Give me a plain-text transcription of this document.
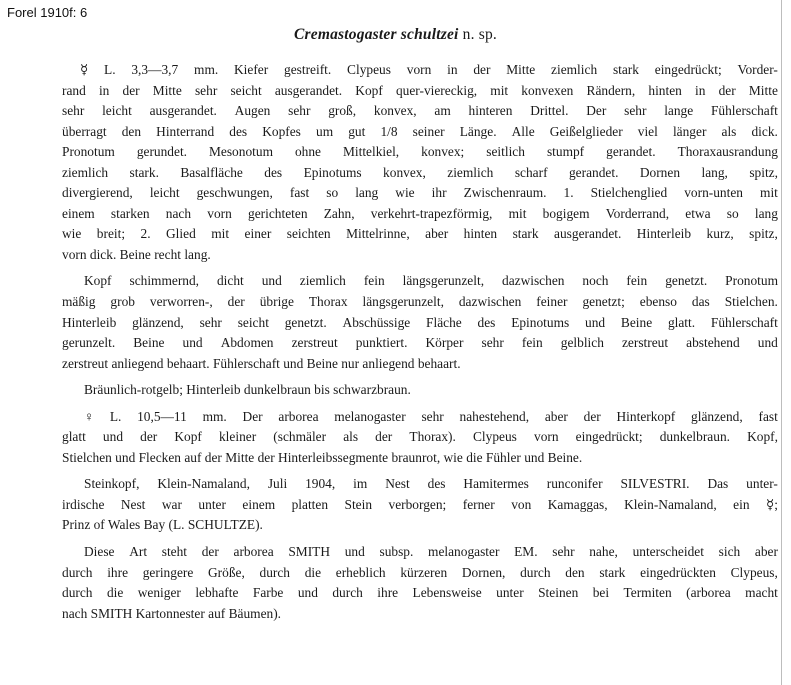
Forel 1910f: 6
Cremastogaster schultzei n. sp.
☿ L. 3,3—3,7 mm. Kiefer gestreift. Clypeus vorn in der Mitte ziemlich stark eingedrückt; Vorder-
rand in der Mitte sehr seicht ausgerandet. Kopf quer-viereckig, mit konvexen Rändern, hinten in der Mitte
sehr leicht ausgerandet. Augen sehr groß, konvex, am hinteren Drittel. Der sehr lange Fühlerschaft
überragt den Hinterrand des Kopfes um gut 1/8 seiner Länge. Alle Geißelglieder viel länger als dick.
Pronotum gerundet. Mesonotum ohne Mittelkiel, konvex; seitlich stumpf gerandet. Thoraxausrandung
ziemlich stark. Basalfläche des Epinotums konvex, ziemlich scharf gerandet. Dornen lang, spitz,
divergierend, leicht geschwungen, fast so lang wie ihr Zwischenraum. 1. Stielchenglied vorn-unten mit
einem starken nach vorn gerichteten Zahn, verkehrt-trapezförmig, mit bogigem Vorderrand, etwa so lang
wie breit; 2. Glied mit einer seichten Mittelrinne, aber hinten stark ausgerandet. Hinterleib kurz, spitz,
vorn dick. Beine recht lang.
Kopf schimmernd, dicht und ziemlich fein längsgerunzelt, dazwischen noch fein genetzt. Pronotum
mäßig grob verworren-, der übrige Thorax längsgerunzelt, dazwischen feiner genetzt; ebenso das Stielchen.
Hinterleib glänzend, sehr seicht genetzt. Abschüssige Fläche des Epinotums und Beine glatt. Fühlerschaft
gerunzelt. Beine und Abdomen zerstreut punktiert. Körper sehr fein gelblich zerstreut abstehend und
zerstreut anliegend behaart. Fühlerschaft und Beine nur anliegend behaart.
Bräunlich-rotgelb; Hinterleib dunkelbraun bis schwarzbraun.
♀ L. 10,5—11 mm. Der arborea melanogaster sehr nahestehend, aber der Hinterkopf glänzend, fast
glatt und der Kopf kleiner (schmäler als der Thorax). Clypeus vorn eingedrückt; dunkelbraun. Kopf,
Stielchen und Flecken auf der Mitte der Hinterleibssegmente braunrot, wie die Fühler und Beine.
Steinkopf, Klein-Namaland, Juli 1904, im Nest des Hamitermes runconifer SILVESTRI. Das unter-
irdische Nest war unter einem platten Stein verborgen; ferner von Kamaggas, Klein-Namaland, ein ☿;
Prinz of Wales Bay (L. SCHULTZE).
Diese Art steht der arborea SMITH und subsp. melanogaster EM. sehr nahe, unterscheidet sich aber
durch ihre geringere Größe, durch die erheblich kürzeren Dornen, durch den stark eingedrückten Clypeus,
durch die weniger lebhafte Farbe und durch ihre Lebensweise unter Steinen bei Termiten (arborea macht
nach SMITH Kartonnester auf Bäumen).
